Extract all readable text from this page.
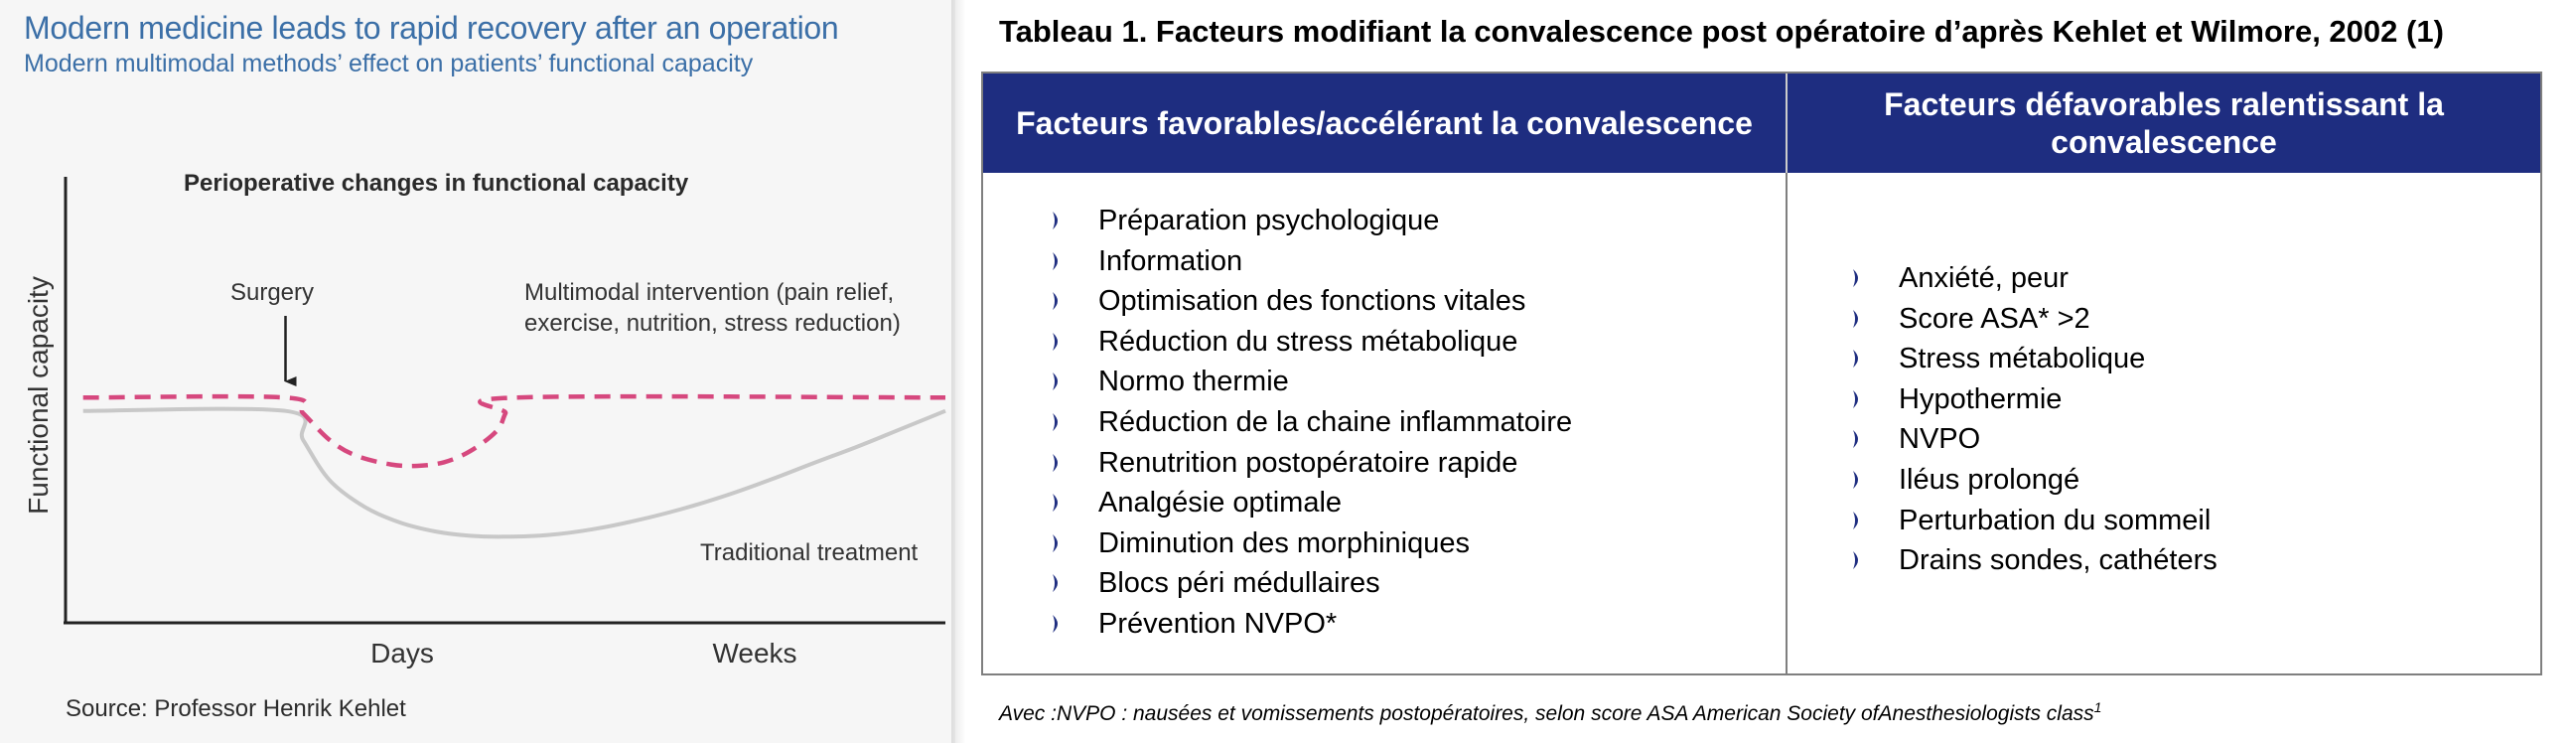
Modern medicine leads to rapid recovery after an operation
Modern multimodal methods’ effect on patients’ functional capacity
Perioperative changes in functional capacity
Functional capacity
Days	Weeks
Surgery	Multimodal intervention (pain relief,
exercise, nutrition, stress reduction)
Traditional treatment
Source: Professor Henrik Kehlet
Tableau 1. Facteurs modifiant la convalescence post opératoire d’après Kehlet et Wilmore, 2002 (1)
Facteurs favorables/accélérant la convalescence
Facteurs défavorables ralentissant la convalescence
Préparation psychologique
Information
Optimisation des fonctions vitales
Réduction du stress métabolique
Normo thermie
Réduction de la chaine inflammatoire
Renutrition postopératoire rapide
Analgésie optimale
Diminution des morphiniques
Blocs péri médullaires
Prévention NVPO*
Anxiété, peur
Score ASA* >2
Stress métabolique
Hypothermie
NVPO
Iléus prolongé
Perturbation du sommeil
Drains sondes, cathéters
Avec :NVPO : nausées et vomissements postopératoires, selon score ASA American Society ofAnesthesiologists class$^1$
